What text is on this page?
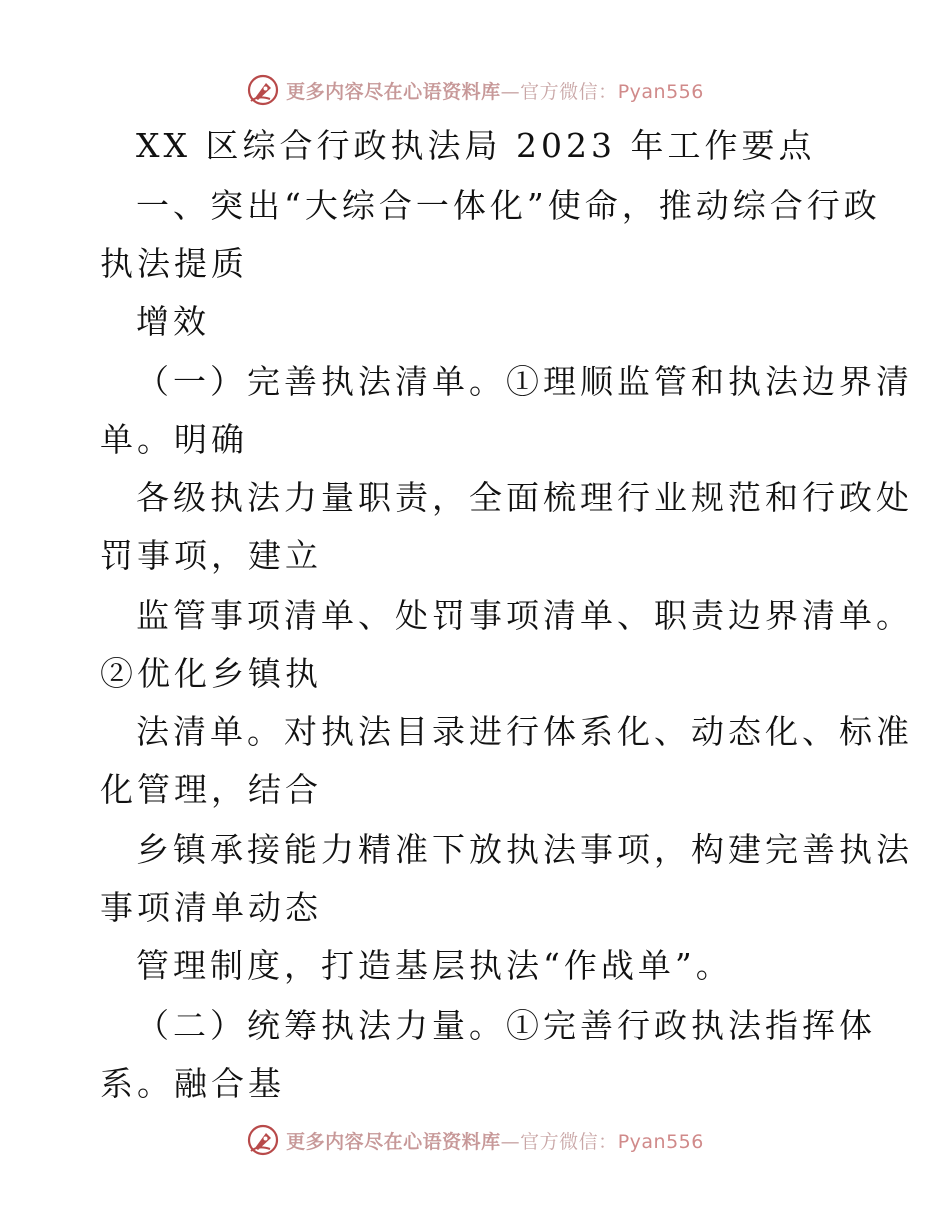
更多内容尽在心语资料库—官方微信：Pyan556
XX 区综合行政执法局 2023 年工作要点
一、突出“大综合一体化”使命，推动综合行政
执法提质
增效
（一）完善执法清单。①理顺监管和执法边界清
单。明确
各级执法力量职责，全面梳理行业规范和行政处
罚事项，建立
监管事项清单、处罚事项清单、职责边界清单。
②优化乡镇执
法清单。对执法目录进行体系化、动态化、标准
化管理，结合
乡镇承接能力精准下放执法事项，构建完善执法
事项清单动态
管理制度，打造基层执法“作战单”。
（二）统筹执法力量。①完善行政执法指挥体
系。融合基
更多内容尽在心语资料库—官方微信：Pyan556
